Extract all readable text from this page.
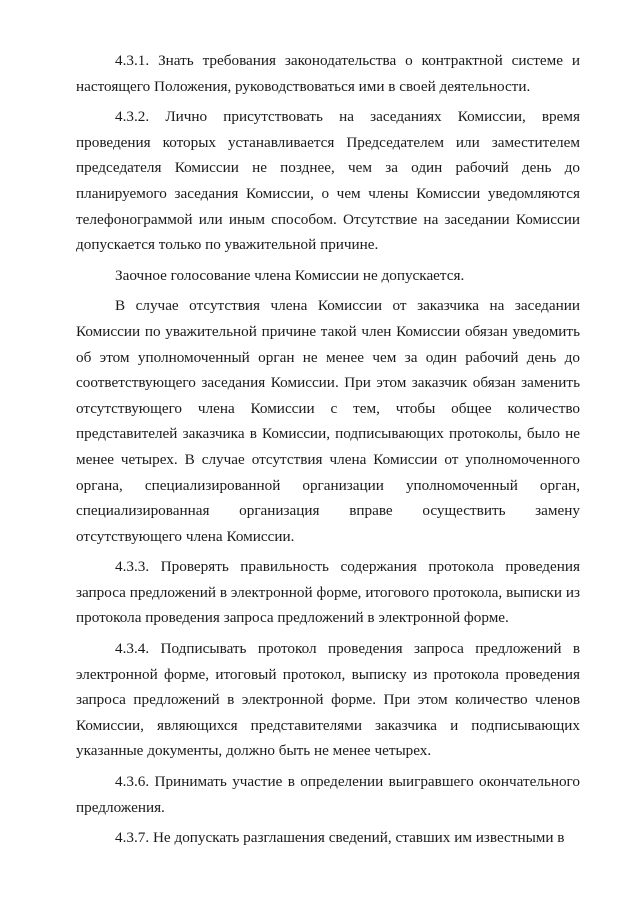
4.3.1. Знать требования законодательства о контрактной системе и настоящего Положения, руководствоваться ими в своей деятельности.

4.3.2. Лично присутствовать на заседаниях Комиссии, время проведения которых устанавливается Председателем или заместителем председателя Комиссии не позднее, чем за один рабочий день до планируемого заседания Комиссии, о чем члены Комиссии уведомляются телефонограммой или иным способом. Отсутствие на заседании Комиссии допускается только по уважительной причине.

Заочное голосование члена Комиссии не допускается.

В случае отсутствия члена Комиссии от заказчика на заседании Комиссии по уважительной причине такой член Комиссии обязан уведомить об этом уполномоченный орган не менее чем за один рабочий день до соответствующего заседания Комиссии. При этом заказчик обязан заменить отсутствующего члена Комиссии с тем, чтобы общее количество представителей заказчика в Комиссии, подписывающих протоколы, было не менее четырех. В случае отсутствия члена Комиссии от уполномоченного органа, специализированной организации уполномоченный орган, специализированная организация вправе осуществить замену отсутствующего члена Комиссии.

4.3.3. Проверять правильность содержания протокола проведения запроса предложений в электронной форме, итогового протокола, выписки из протокола проведения запроса предложений в электронной форме.

4.3.4. Подписывать протокол проведения запроса предложений в электронной форме, итоговый протокол, выписку из протокола проведения запроса предложений в электронной форме. При этом количество членов Комиссии, являющихся представителями заказчика и подписывающих указанные документы, должно быть не менее четырех.

4.3.6. Принимать участие в определении выигравшего окончательного предложения.

4.3.7. Не допускать разглашения сведений, ставших им известными в
